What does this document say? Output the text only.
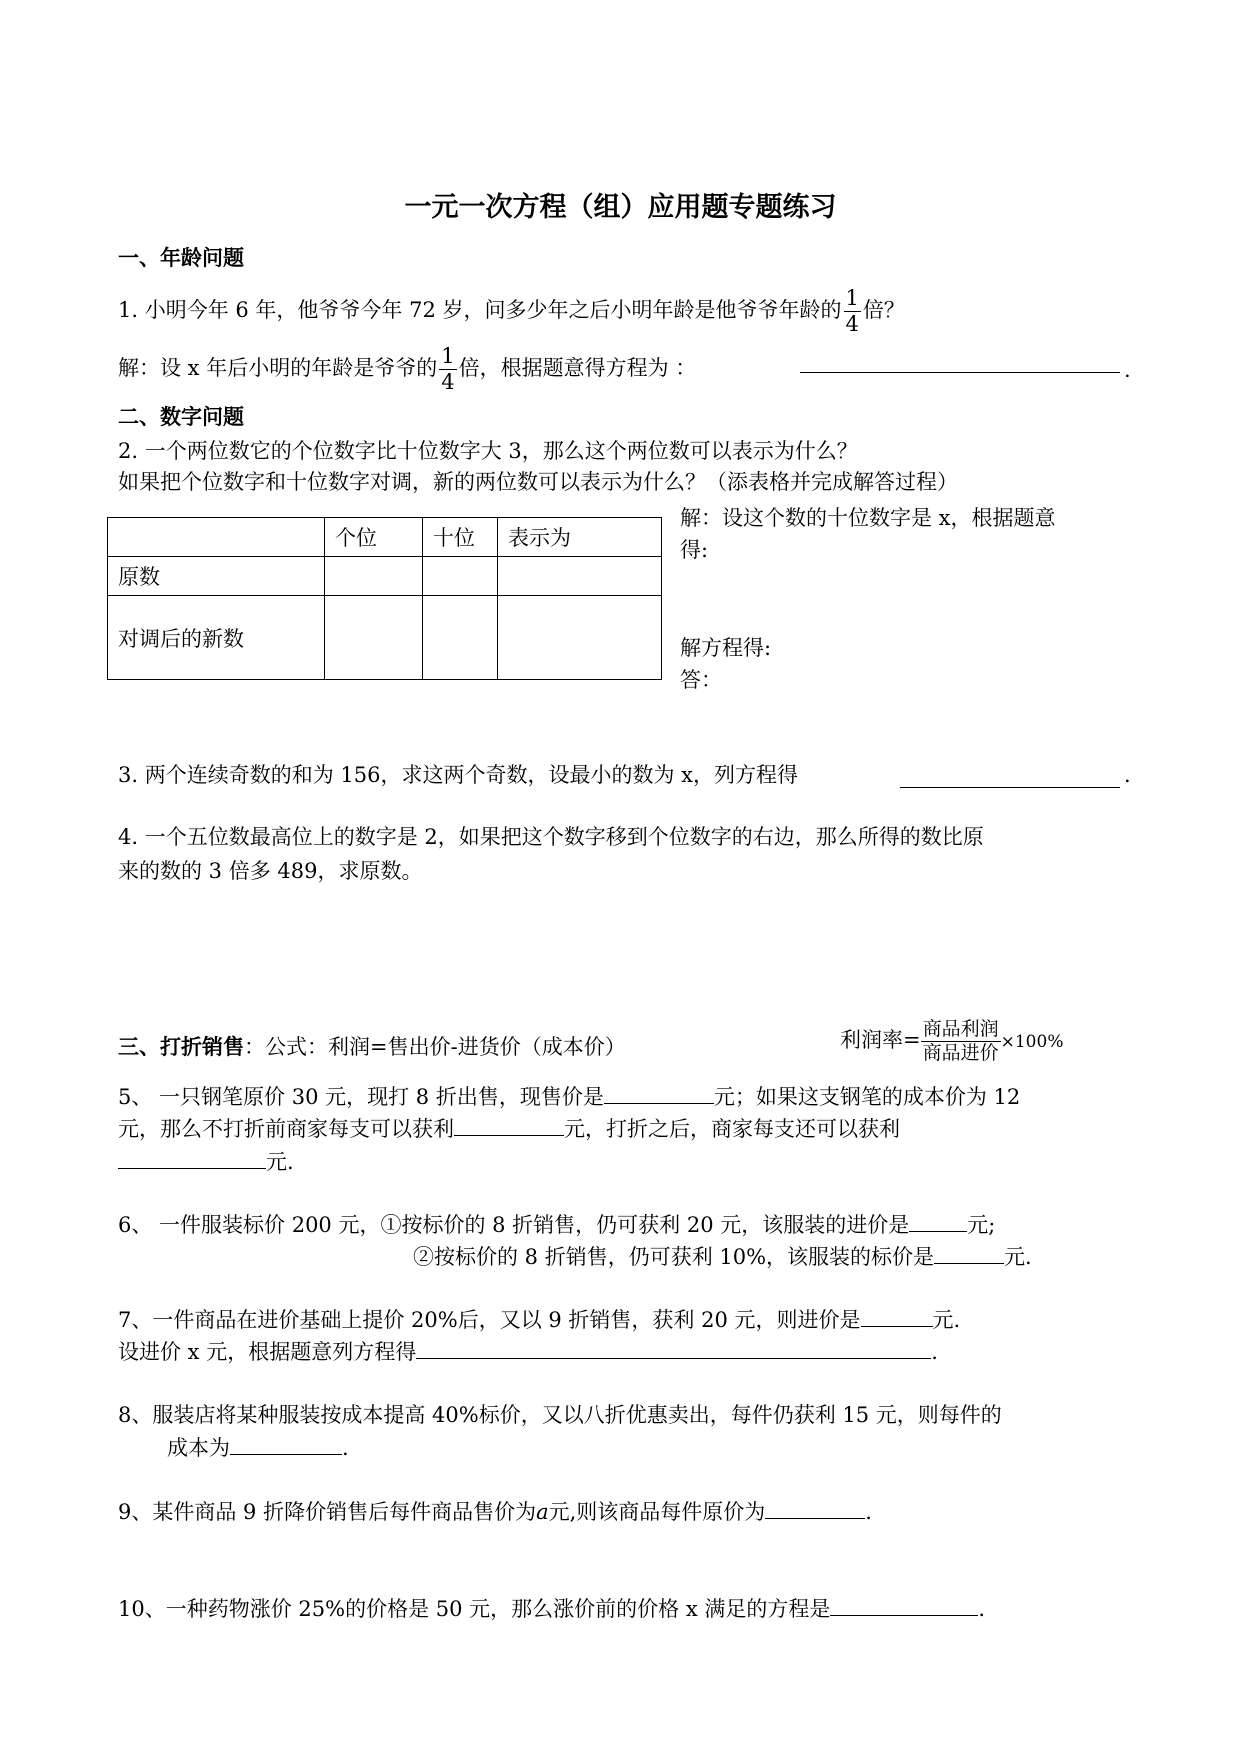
一元一次方程（组）应用题专题练习
一、年龄问题
1. 小明今年 6 年，他爷爷今年 72 岁，问多少年之后小明年龄是他爷爷年龄的 $\frac{1}{4}$ 倍？
解：设 x 年后小明的年龄是爷爷的 $\frac{1}{4}$ 倍，根据题意得方程为 ：	.
二、数字问题
2. 一个两位数它的个位数字比十位数字大 3，那么这个两位数可以表示为什么？
如果把个位数字和十位数字对调，新的两位数可以表示为什么？（添表格并完成解答过程）
	个位	十位	表示为
原数			
对调后的新数			
解：设这个数的十位数字是 x，根据题意
得:
解方程得:
答：
3. 两个连续奇数的和为 156，求这两个奇数，设最小的数为 x，列方程得	.
4. 一个五位数最高位上的数字是 2，如果把这个数字移到个位数字的右边，那么所得的数比原
来的数的 3 倍多 489，求原数。
三、打折销售：公式：利润=售出价-进货价（成本价）	利润率= $\frac{\text{商品利润}}{\text{商品进价}} \times 100\%$
5、 一只钢笔原价 30 元，现打 8 折出售，现售价是	元；如果这支钢笔的成本价为 12
元，那么不打折前商家每支可以获利	元，打折之后，商家每支还可以获利
元.
6、 一件服装标价 200 元，①按标价的 8 折销售，仍可获利 20 元，该服装的进价是	元;
②按标价的 8 折销售，仍可获利 10%，该服装的标价是	元.
7、一件商品在进价基础上提价 20%后，又以 9 折销售，获利 20 元，则进价是	元.
设进价 x 元，根据题意列方程得	.
8、服装店将某种服装按成本提高 40%标价，又以八折优惠卖出，每件仍获利 15 元，则每件的
成本为	.
9、某件商品 9 折降价销售后每件商品售价为a元,则该商品每件原价为	.
10、一种药物涨价 25%的价格是 50 元，那么涨价前的价格 x 满足的方程是	.
